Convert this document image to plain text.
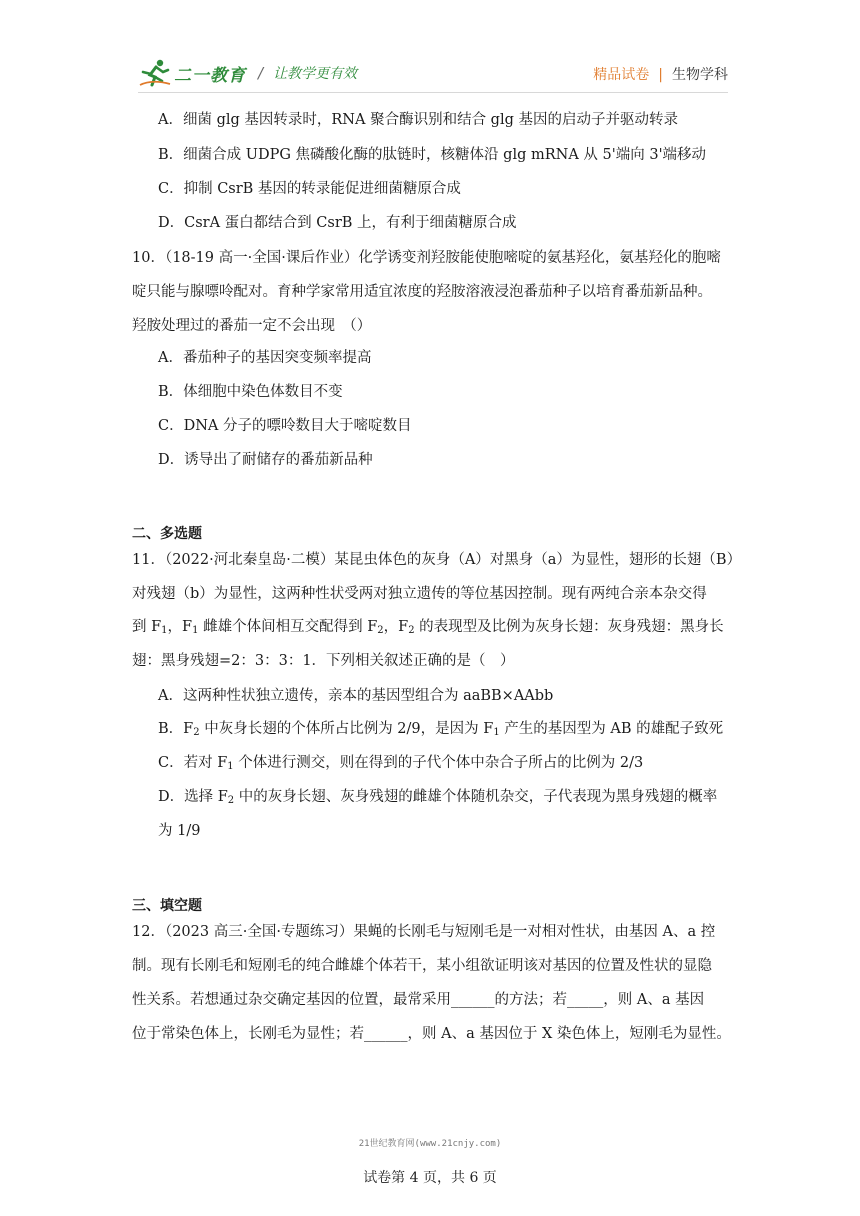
二一教育 / 让教学更有效	精品试卷 | 生物学科
A．细菌 glg 基因转录时，RNA 聚合酶识别和结合 glg 基因的启动子并驱动转录
B．细菌合成 UDPG 焦磷酸化酶的肽链时，核糖体沿 glg mRNA 从 5'端向 3'端移动
C．抑制 CsrB 基因的转录能促进细菌糖原合成
D．CsrA 蛋白都结合到 CsrB 上，有利于细菌糖原合成
10．（18-19 高一·全国·课后作业）化学诱变剂羟胺能使胞嘧啶的氨基羟化，氨基羟化的胞嘧
啶只能与腺嘌呤配对。育种学家常用适宜浓度的羟胺溶液浸泡番茄种子以培育番茄新品种。
羟胺处理过的番茄一定不会出现　（）
A．番茄种子的基因突变频率提高
B．体细胞中染色体数目不变
C．DNA 分子的嘌呤数目大于嘧啶数目
D．诱导出了耐储存的番茄新品种
二、多选题
11．（2022·河北秦皇岛·二模）某昆虫体色的灰身（A）对黑身（a）为显性，翅形的长翅（B）
对残翅（b）为显性，这两种性状受两对独立遗传的等位基因控制。现有两纯合亲本杂交得
到 $F_1$，$F_1$ 雌雄个体间相互交配得到 $F_2$，$F_2$ 的表现型及比例为灰身长翅：灰身残翅：黑身长
翅：黑身残翅=2：3：3：1．下列相关叙述正确的是（　）
A．这两种性状独立遗传，亲本的基因型组合为 aaBB×AAbb
B．$F_2$ 中灰身长翅的个体所占比例为 2/9，是因为 $F_1$ 产生的基因型为 AB 的雄配子致死
C．若对 $F_1$ 个体进行测交，则在得到的子代个体中杂合子所占的比例为 2/3
D．选择 $F_2$ 中的灰身长翅、灰身残翅的雌雄个体随机杂交，子代表现为黑身残翅的概率
为 1/9
三、填空题
12．（2023 高三·全国·专题练习）果蝇的长刚毛与短刚毛是一对相对性状，由基因 A、a 控
制。现有长刚毛和短刚毛的纯合雌雄个体若干，某小组欲证明该对基因的位置及性状的显隐
性关系。若想通过杂交确定基因的位置，最常采用______的方法；若_____，则 A、a 基因
位于常染色体上，长刚毛为显性；若______，则 A、a 基因位于 X 染色体上，短刚毛为显性。
21世纪教育网(www.21cnjy.com)
试卷第 4 页，共 6 页
